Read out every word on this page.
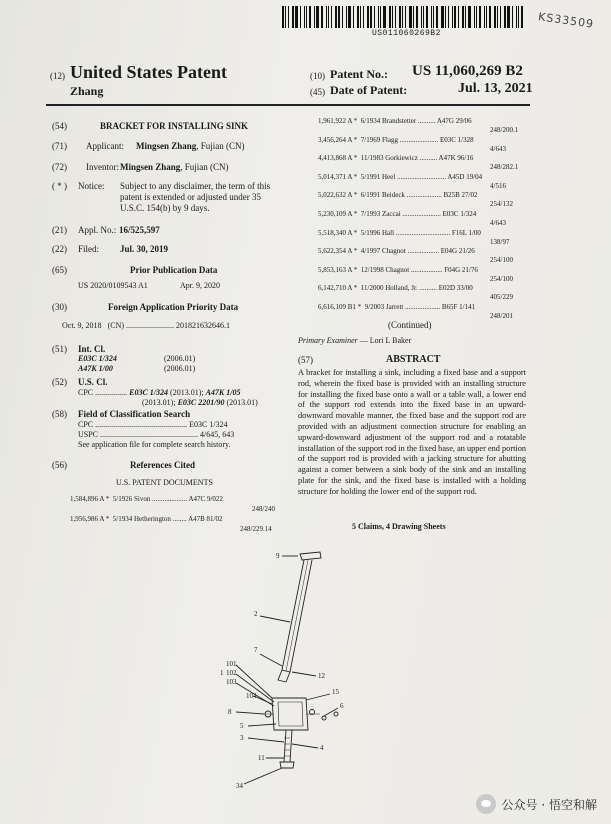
US011060269B2
KS33509
(12) United States Patent
Zhang
(10) Patent No.: US 11,060,269 B2
(45) Date of Patent:	Jul. 13, 2021
(54)	BRACKET FOR INSTALLING SINK
(71) Applicant: Mingsen Zhang, Fujian (CN)
(72) Inventor: Mingsen Zhang, Fujian (CN)
( * ) Notice: Subject to any disclaimer, the term of this
patent is extended or adjusted under 35
U.S.C. 154(b) by 9 days.
(21) Appl. No.: 16/525,597
(22) Filed: Jul. 30, 2019
(65)	Prior Publication Data
US 2020/0109543 A1	Apr. 9, 2020
(30)	Foreign Application Priority Data
Oct. 9, 2018 (CN) ........................ 201821632646.1
(51) Int. Cl.
E03C 1/324	(2006.01)
A47K 1/00	(2006.01)
(52) U.S. Cl.
CPC ................ E03C 1/324 (2013.01); A47K 1/05
(2013.01); E03C 2201/90 (2013.01)
(58) Field of Classification Search
CPC .............................................. E03C 1/324
USPC ................................................. 4/645, 643
See application file for complete search history.
(56)	References Cited
U.S. PATENT DOCUMENTS
1,584,896 A * 5/1926 Sivon .................... A47C 9/022
248/240
1,956,986 A * 5/1934 Hetherington ........ A47B 81/02
248/229.14
1,961,922 A * 6/1934 Brandstetter .......... A47G 29/06
248/200.1
3,456,264 A * 7/1969 Flagg ...................... E03C 1/328
4/643
4,413,868 A * 11/1983 Gorkiewicz .......... A47K 96/16
248/282.1
5,014,371 A * 5/1991 Heel ............................ A45D 19/04
4/516
5,022,632 A * 6/1991 Beideck .................... B25B 27/02
254/132
5,230,109 A * 7/1993 Zaccai ...................... E03C 1/324
4/643
5,518,340 A * 5/1996 Hall ............................... F16L 1/00
138/97
5,622,354 A * 4/1997 Chagnot .................. E04G 21/26
254/100
5,853,163 A * 12/1998 Chagnot .................. F04G 21/76
254/100
6,142,710 A * 11/2000 Holland, Jr. .......... E02D 33/00
405/229
6,616,109 B1 * 9/2003 Jarrett .................... B65F 1/141
248/201
(Continued)
Primary Examiner — Lori L Baker
(57)	ABSTRACT
A bracket for installing a sink, including a fixed base and a support rod, wherein the fixed base is provided with an installing structure for installing the fixed base onto a wall or a table wall, a lower end of the support rod extends into the fixed base in an upward-downward movable manner, the fixed base and the support rod are provided with an adjustment connection structure for enabling an upward-downward adjustment of the support rod and a rotatable installation of the support rod in the fixed base, an upper end portion of the support rod is provided with a jacking structure for abutting against a corner between a sink body of the sink and an installing plate for the sink, and the fixed base is installed with a holding structure for holding the lower end of the support rod.
5 Claims, 4 Drawing Sheets
9
2
7
12
101
102
103
1
104	15
6
8
5
4
3
11
34
公众号 · 悟空和解
